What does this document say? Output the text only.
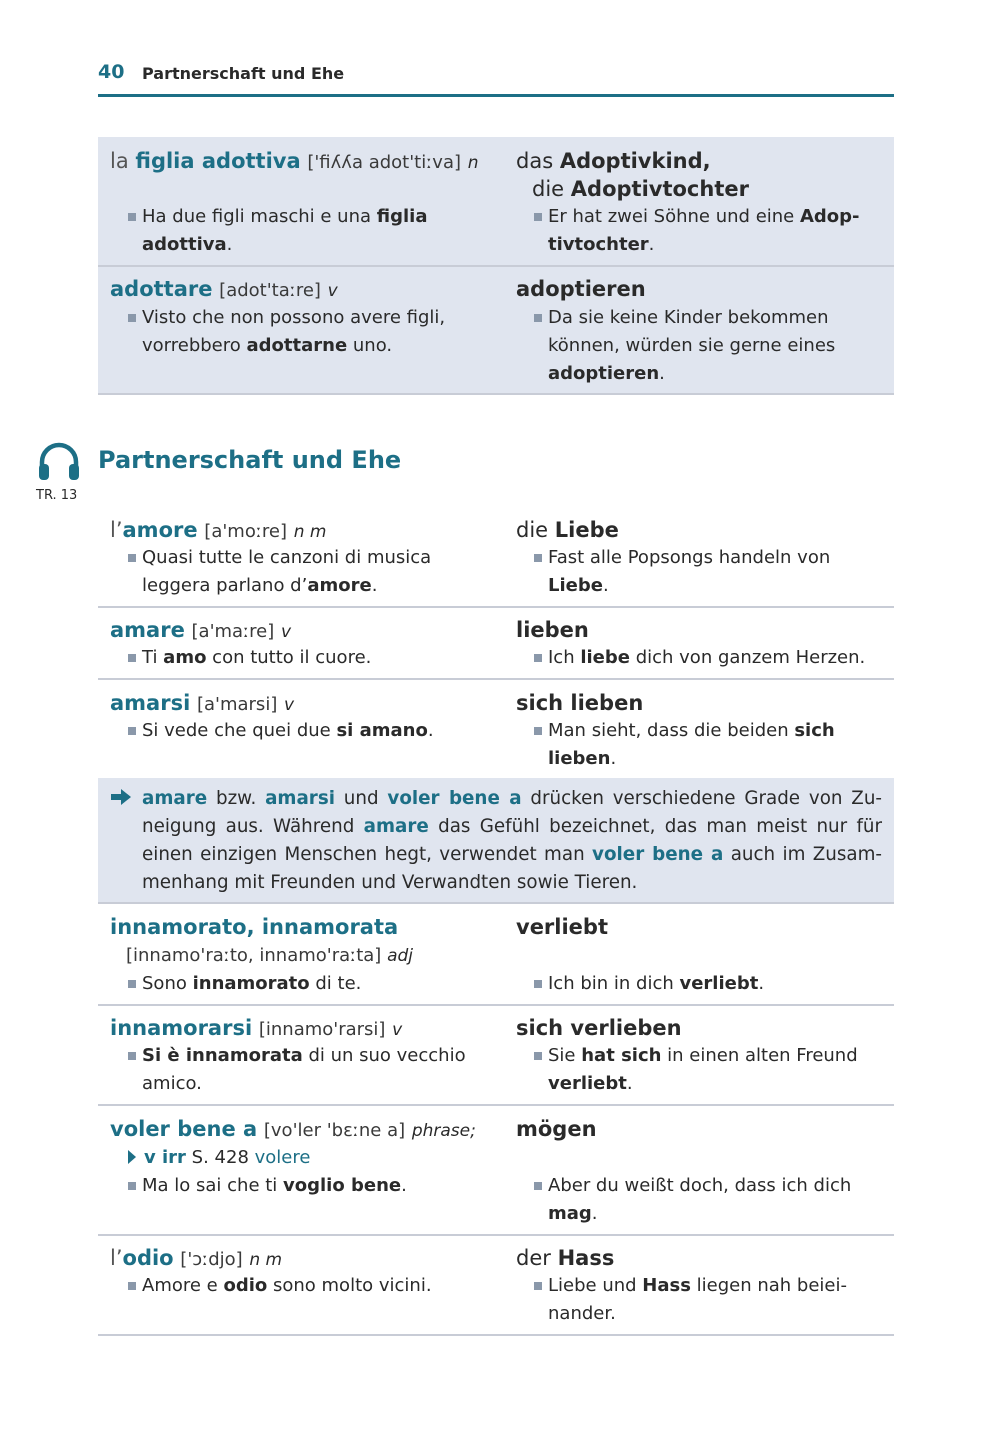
40 Partnerschaft und Ehe
la figlia adottiva ['fiʎʎa adot'tiːva] n
Ha due figli maschi e una figlia
adottiva.
das Adoptivkind,
die Adoptivtochter
Er hat zwei Söhne und eine Adop-
tivtochter.
adottare [adot'taːre] v
Visto che non possono avere figli,
vorrebbero adottarne uno.
adoptieren
Da sie keine Kinder bekommen
können, würden sie gerne eines
adoptieren.
TR. 13
Partnerschaft und Ehe
l’amore [a'moːre] n m
Quasi tutte le canzoni di musica
leggera parlano d’amore.
die Liebe
Fast alle Popsongs handeln von
Liebe.
amare [a'maːre] v
Ti amo con tutto il cuore.
lieben
Ich liebe dich von ganzem Herzen.
amarsi [a'marsi] v
Si vede che quei due si amano.
sich lieben
Man sieht, dass die beiden sich
lieben.
amare bzw. amarsi und voler bene a drücken verschiedene Grade von Zu-
neigung aus. Während amare das Gefühl bezeichnet, das man meist nur für
einen einzigen Menschen hegt, verwendet man voler bene a auch im Zusam-
menhang mit Freunden und Verwandten sowie Tieren.
innamorato, innamorata
[innamo'raːto, innamo'raːta] adj
Sono innamorato di te.
verliebt
Ich bin in dich verliebt.
innamorarsi [innamo'rarsi] v
Si è innamorata di un suo vecchio
amico.
sich verlieben
Sie hat sich in einen alten Freund
verliebt.
voler bene a [vo'ler 'bɛːne a] phrase;
v irr S. 428 volere
Ma lo sai che ti voglio bene.
mögen
Aber du weißt doch, dass ich dich
mag.
l’odio ['ɔːdjo] n m
Amore e odio sono molto vicini.
der Hass
Liebe und Hass liegen nah beiei-
nander.
